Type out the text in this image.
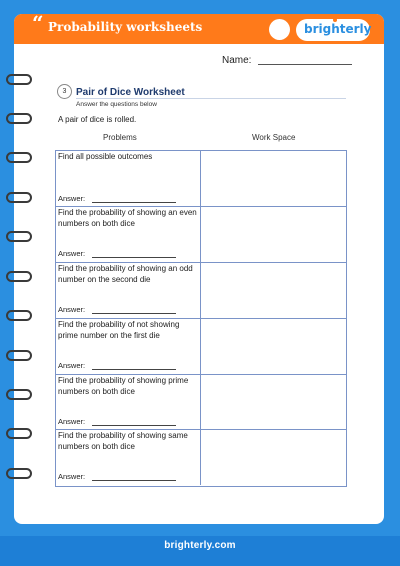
brighterly.com
“ Probability worksheets	brighterly
Name:
3 Pair of Dice Worksheet
Answer the questions below
A pair of dice is rolled.
Problems	Work Space
Find all possible outcomes
Answer:
Find the probability of showing an even numbers on both dice
Answer:
Find the probability of showing an odd number on the second die
Answer:
Find the probability of not showing prime number on the first die
Answer:
Find the probability of showing prime numbers on both dice
Answer:
Find the probability of showing same numbers on both dice
Answer:
